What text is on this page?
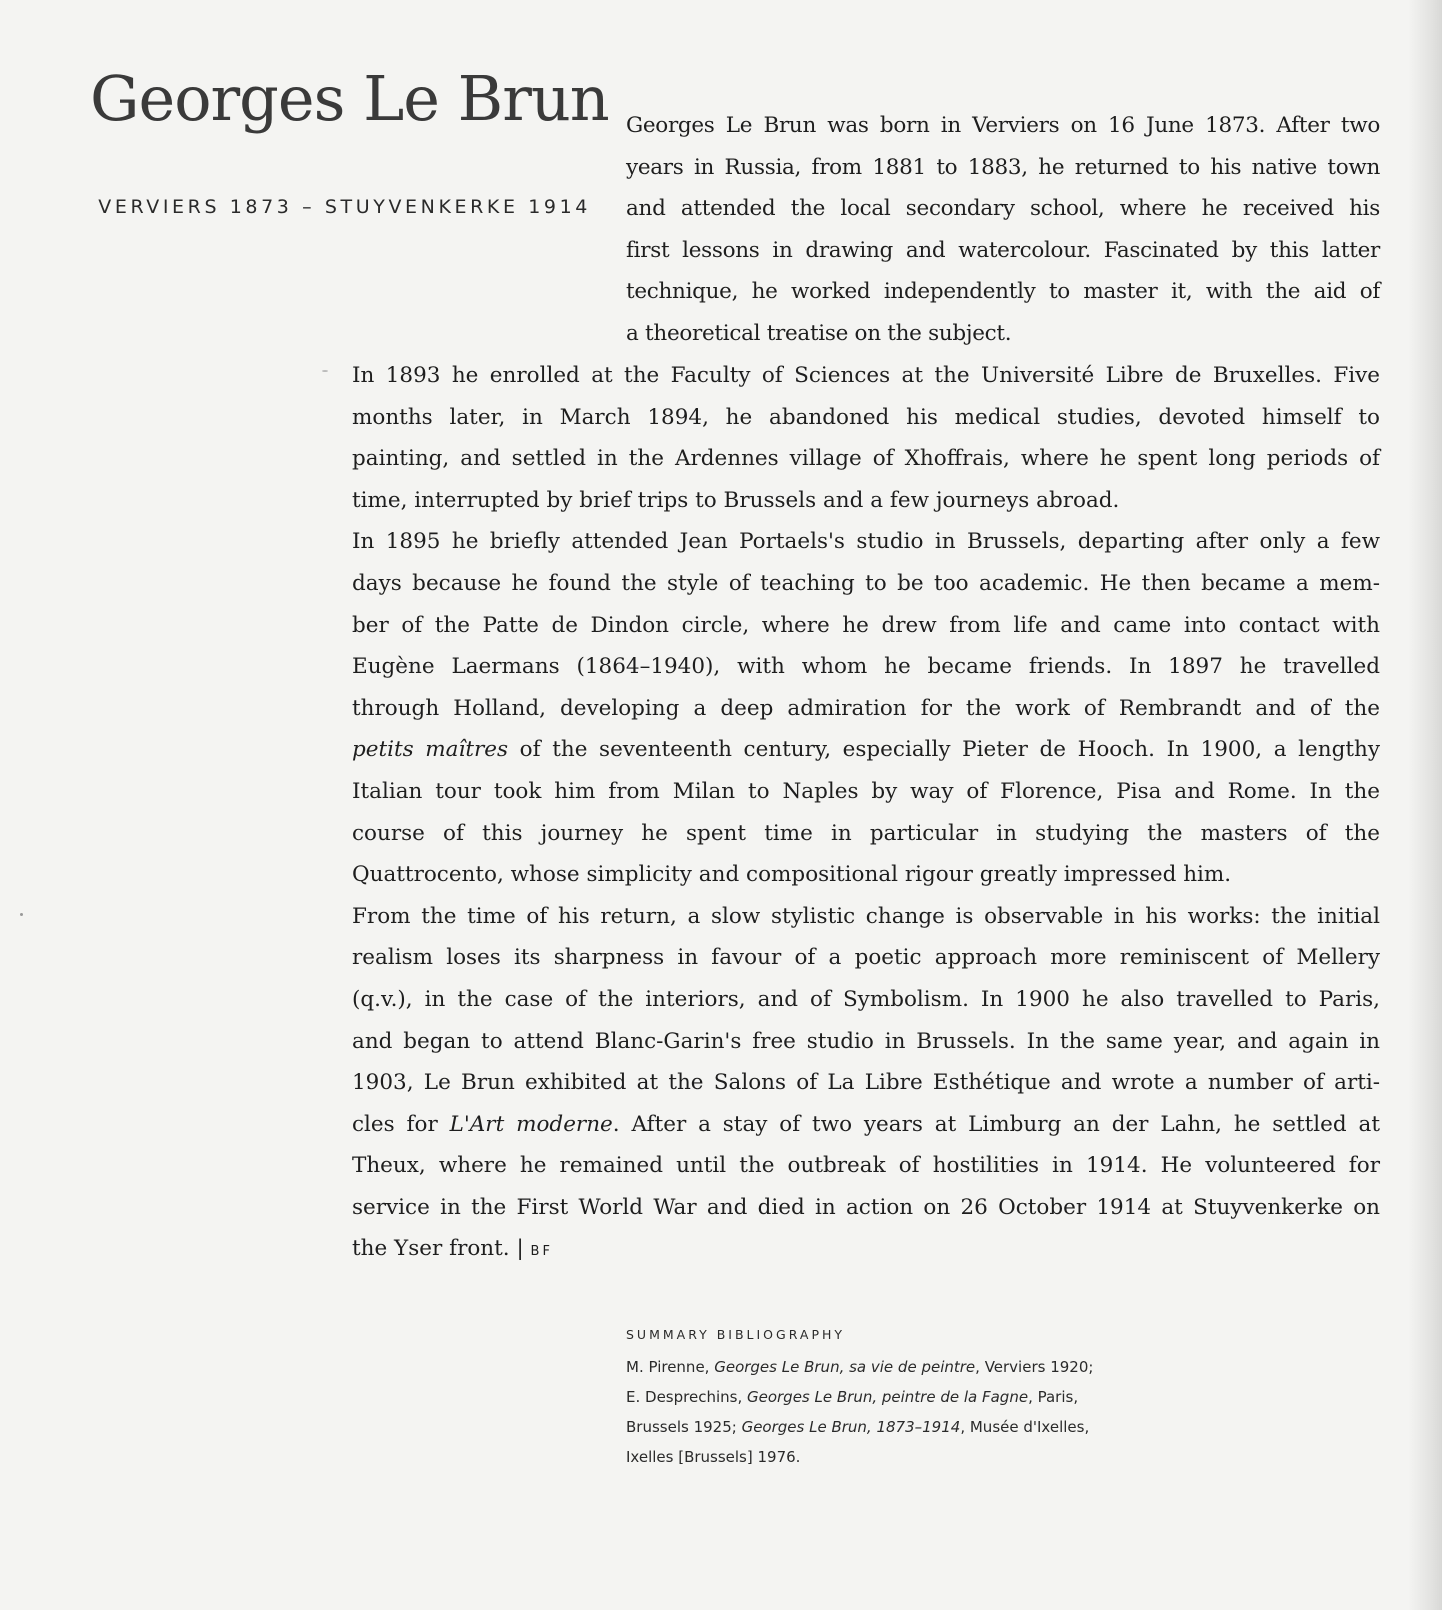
Georges Le Brun
VERVIERS 1873 – STUYVENKERKE 1914
Georges Le Brun was born in Verviers on 16 June 1873. After two
years in Russia, from 1881 to 1883, he returned to his native town
and attended the local secondary school, where he received his
first lessons in drawing and watercolour. Fascinated by this latter
technique, he worked independently to master it, with the aid of
a theoretical treatise on the subject.

In 1893 he enrolled at the Faculty of Sciences at the Université Libre de Bruxelles. Five
months later, in March 1894, he abandoned his medical studies, devoted himself to
painting, and settled in the Ardennes village of Xhoffrais, where he spent long periods of
time, interrupted by brief trips to Brussels and a few journeys abroad.

In 1895 he briefly attended Jean Portaels's studio in Brussels, departing after only a few
days because he found the style of teaching to be too academic. He then became a mem-
ber of the Patte de Dindon circle, where he drew from life and came into contact with
Eugène Laermans (1864–1940), with whom he became friends. In 1897 he travelled
through Holland, developing a deep admiration for the work of Rembrandt and of the
petits maîtres of the seventeenth century, especially Pieter de Hooch. In 1900, a lengthy
Italian tour took him from Milan to Naples by way of Florence, Pisa and Rome. In the
course of this journey he spent time in particular in studying the masters of the
Quattrocento, whose simplicity and compositional rigour greatly impressed him.

From the time of his return, a slow stylistic change is observable in his works: the initial
realism loses its sharpness in favour of a poetic approach more reminiscent of Mellery
(q.v.), in the case of the interiors, and of Symbolism. In 1900 he also travelled to Paris,
and began to attend Blanc-Garin's free studio in Brussels. In the same year, and again in
1903, Le Brun exhibited at the Salons of La Libre Esthétique and wrote a number of arti-
cles for L'Art moderne. After a stay of two years at Limburg an der Lahn, he settled at
Theux, where he remained until the outbreak of hostilities in 1914. He volunteered for
service in the First World War and died in action on 26 October 1914 at Stuyvenkerke on
the Yser front. | BF

SUMMARY BIBLIOGRAPHY

M. Pirenne, Georges Le Brun, sa vie de peintre, Verviers 1920;
E. Desprechins, Georges Le Brun, peintre de la Fagne, Paris,
Brussels 1925; Georges Le Brun, 1873–1914, Musée d'Ixelles,
Ixelles [Brussels] 1976.
